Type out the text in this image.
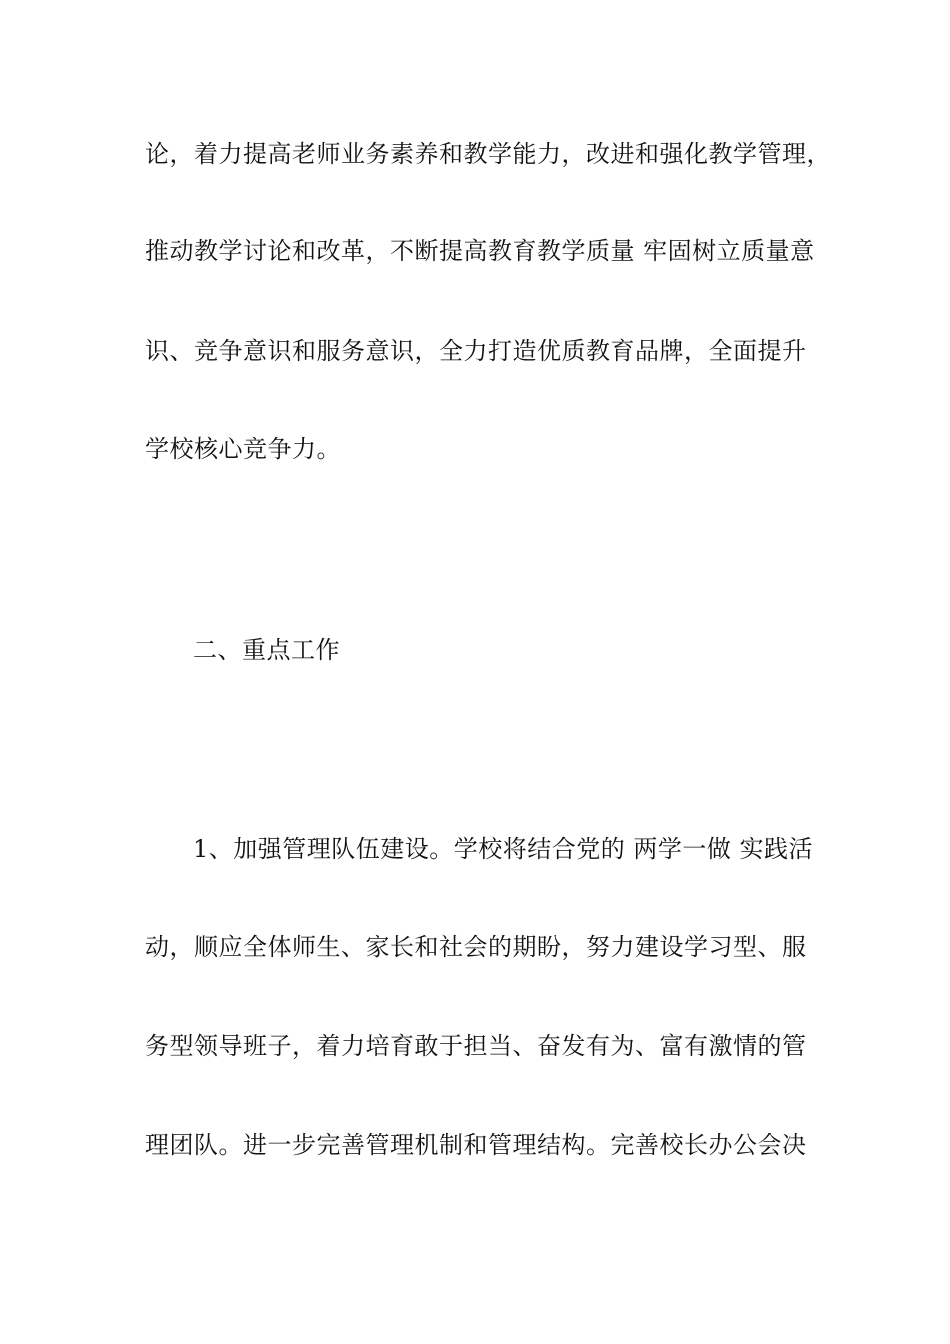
论，着力提高老师业务素养和教学能力，改进和强化教学管理，
推动教学讨论和改革，不断提高教育教学质量 牢固树立质量意
识、竞争意识和服务意识，全力打造优质教育品牌，全面提升
学校核心竞争力。
二、重点工作
1、加强管理队伍建设。学校将结合党的 两学一做 实践活
动，顺应全体师生、家长和社会的期盼，努力建设学习型、服
务型领导班子，着力培育敢于担当、奋发有为、富有激情的管
理团队。进一步完善管理机制和管理结构。完善校长办公会决
